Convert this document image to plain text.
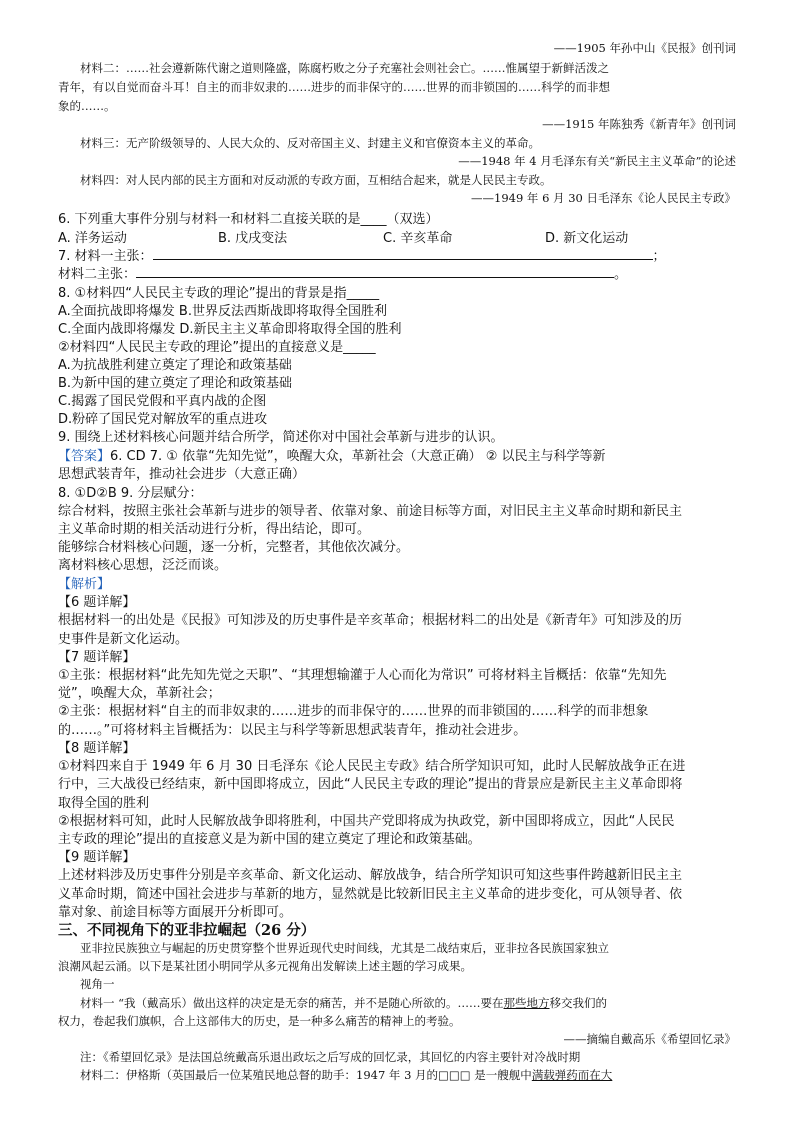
——1905 年孙中山《民报》创刊词
材料二：……社会遵新陈代谢之道则隆盛，陈腐朽败之分子充塞社会则社会亡。……惟属望于新鲜活泼之
青年，有以自觉而奋斗耳！自主的而非奴隶的……进步的而非保守的……世界的而非锁国的……科学的而非想
象的……。
——1915 年陈独秀《新青年》创刊词
材料三：无产阶级领导的、人民大众的、反对帝国主义、封建主义和官僚资本主义的革命。
——1948 年 4 月毛泽东有关“新民主主义革命”的论述
材料四：对人民内部的民主方面和对反动派的专政方面，互相结合起来，就是人民民主专政。
——1949 年 6 月 30 日毛泽东《论人民民主专政》
6. 下列重大事件分别与材料一和材料二直接关联的是____（双选）
A. 洋务运动	B. 戊戌变法	C. 辛亥革命	D. 新文化运动
7. 材料一主张：	；
材料二主张：	。
8. ①材料四“人民民主专政的理论”提出的背景是指_____
A.全面抗战即将爆发 B.世界反法西斯战即将取得全国胜利
C.全面内战即将爆发 D.新民主主义革命即将取得全国的胜利
②材料四“人民民主专政的理论”提出的直接意义是_____
A.为抗战胜利建立奠定了理论和政策基础
B.为新中国的建立奠定了理论和政策基础
C.揭露了国民党假和平真内战的企图
D.粉碎了国民党对解放军的重点进攻
9. 围绕上述材料核心问题并结合所学，简述你对中国社会革新与进步的认识。
【答案】6. CD 7. ① 依靠“先知先觉”，唤醒大众，革新社会（大意正确） ② 以民主与科学等新
思想武装青年，推动社会进步（大意正确）
8. ①D②B 9. 分层赋分：
综合材料，按照主张社会革新与进步的领导者、依靠对象、前途目标等方面，对旧民主主义革命时期和新民主
主义革命时期的相关活动进行分析，得出结论，即可。
能够综合材料核心问题，逐一分析，完整者，其他依次减分。
离材料核心思想，泛泛而谈。
【解析】
【6 题详解】
根据材料一的出处是《民报》可知涉及的历史事件是辛亥革命；根据材料二的出处是《新青年》可知涉及的历
史事件是新文化运动。
【7 题详解】
①主张：根据材料“此先知先觉之天职”、“其理想输灌于人心而化为常识” 可将材料主旨概括：依靠“先知先
觉”，唤醒大众，革新社会；
②主张：根据材料“自主的而非奴隶的……进步的而非保守的……世界的而非锁国的……科学的而非想象
的……。”可将材料主旨概括为：以民主与科学等新思想武装青年，推动社会进步。
【8 题详解】
①材料四来自于 1949 年 6 月 30 日毛泽东《论人民民主专政》结合所学知识可知，此时人民解放战争正在进
行中，三大战役已经结束，新中国即将成立，因此“人民民主专政的理论”提出的背景应是新民主主义革命即将
取得全国的胜利
②根据材料可知，此时人民解放战争即将胜利，中国共产党即将成为执政党，新中国即将成立，因此“人民民
主专政的理论”提出的直接意义是为新中国的建立奠定了理论和政策基础。
【9 题详解】
上述材料涉及历史事件分别是辛亥革命、新文化运动、解放战争，结合所学知识可知这些事件跨越新旧民主主
义革命时期，简述中国社会进步与革新的地方，显然就是比较新旧民主主义革命的进步变化，可从领导者、依
靠对象、前途目标等方面展开分析即可。
三、不同视角下的亚非拉崛起（26 分）
亚非拉民族独立与崛起的历史贯穿整个世界近现代史时间线，尤其是二战结束后，亚非拉各民族国家独立
浪潮风起云涌。以下是某社团小明同学从多元视角出发解读上述主题的学习成果。
视角一
材料一 “我（戴高乐）做出这样的决定是无奈的痛苦，并不是随心所欲的。……要在那些地方移交我们的
权力，卷起我们旗帜，合上这部伟大的历史，是一种多么痛苦的精神上的考验。
——摘编自戴高乐《希望回忆录》
注：《希望回忆录》是法国总统戴高乐退出政坛之后写成的回忆录，其回忆的内容主要针对冷战时期
材料二：伊格斯（英国最后一位某殖民地总督的助手：1947 年 3 月的□□□ 是一艘舰中满载弹药而在大
